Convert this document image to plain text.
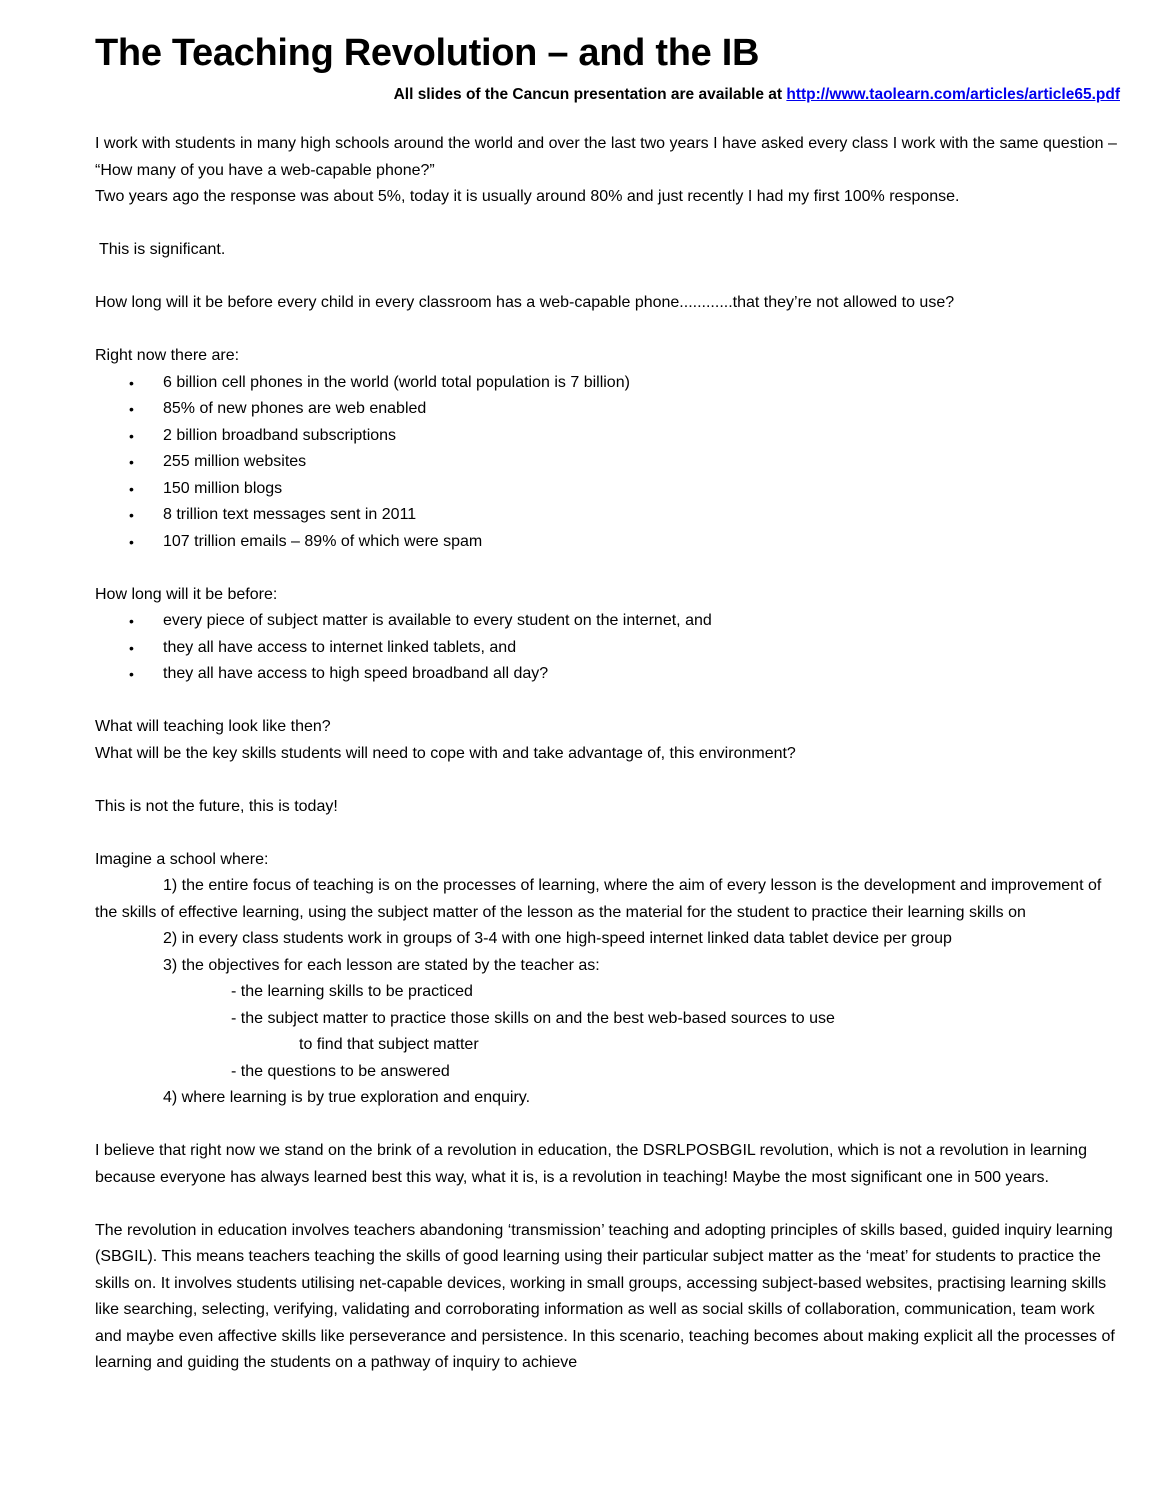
The Teaching Revolution – and the IB
All slides of the Cancun presentation are available at http://www.taolearn.com/articles/article65.pdf

I work with students in many high schools around the world and over the last two years I have asked every class I work with the same question – “How many of you have a web-capable phone?”

Two years ago the response was about 5%, today it is usually around 80% and just recently I had my first 100% response.

This is significant.

How long will it be before every child in every classroom has a web-capable phone............that they’re not allowed to use?

Right now there are:

• 6 billion cell phones in the world (world total population is 7 billion)
• 85% of new phones are web enabled
• 2 billion broadband subscriptions
• 255 million websites
• 150 million blogs
• 8 trillion text messages sent in 2011
• 107 trillion emails – 89% of which were spam

How long will it be before:

• every piece of subject matter is available to every student on the internet, and
• they all have access to internet linked tablets, and
• they all have access to high speed broadband all day?

What will teaching look like then?

What will be the key skills students will need to cope with and take advantage of, this environment?

This is not the future, this is today!

Imagine a school where:

1) the entire focus of teaching is on the processes of learning, where the aim of every lesson is the development and improvement of the skills of effective learning, using the subject matter of the lesson as the material for the student to practice their learning skills on

2) in every class students work in groups of 3-4 with one high-speed internet linked data tablet device per group

3) the objectives for each lesson are stated by the teacher as:

- the learning skills to be practiced

- the subject matter to practice those skills on and the best web-based sources to use

to find that subject matter

- the questions to be answered

4) where learning is by true exploration and enquiry.

I believe that right now we stand on the brink of a revolution in education, the DSRLPOSBGIL revolution, which is not a revolution in learning because everyone has always learned best this way, what it is, is a revolution in teaching! Maybe the most significant one in 500 years.

The revolution in education involves teachers abandoning ‘transmission’ teaching and adopting principles of skills based, guided inquiry learning (SBGIL). This means teachers teaching the skills of good learning using their particular subject matter as the ‘meat’ for students to practice the skills on. It involves students utilising net-capable devices, working in small groups, accessing subject-based websites, practising learning skills like searching, selecting, verifying, validating and corroborating information as well as social skills of collaboration, communication, team work and maybe even affective skills like perseverance and persistence. In this scenario, teaching becomes about making explicit all the processes of learning and guiding the students on a pathway of inquiry to achieve
